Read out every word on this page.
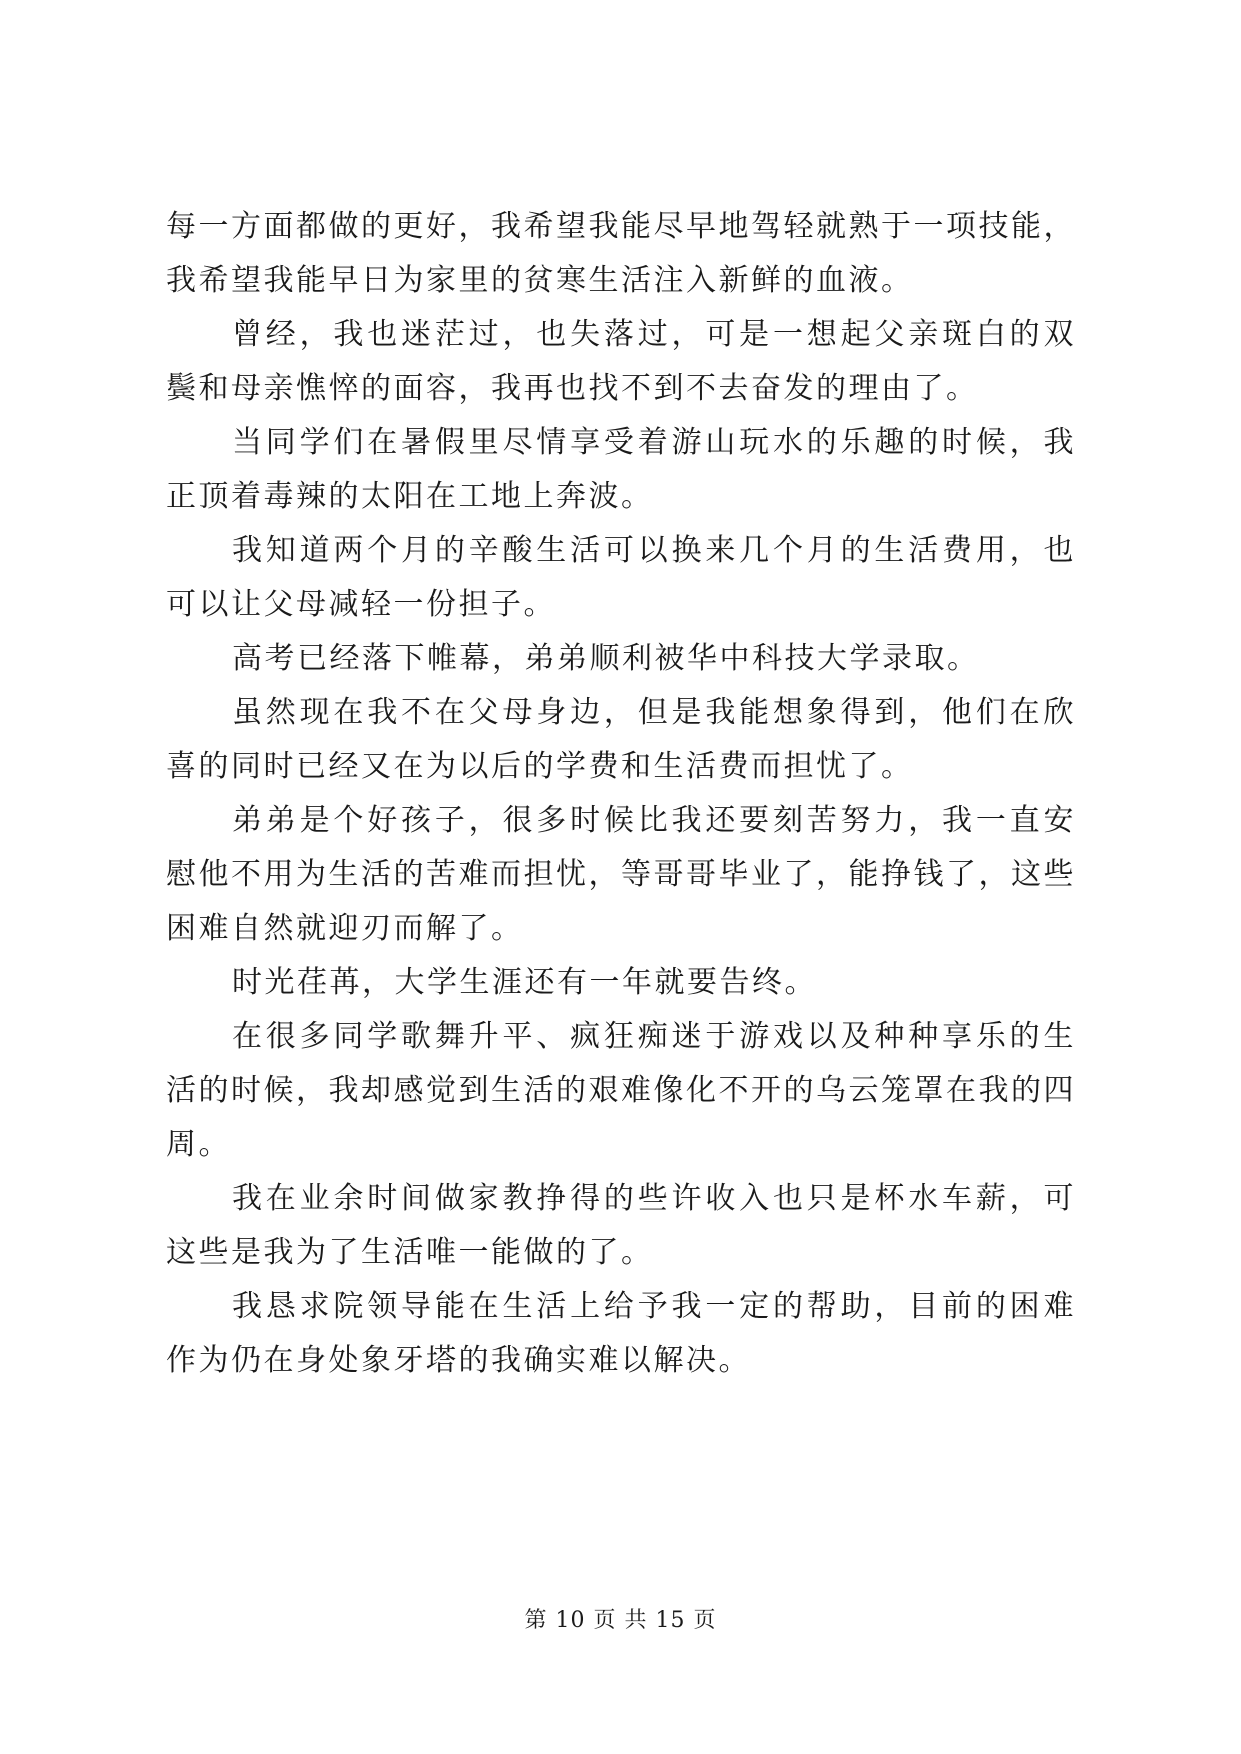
每一方面都做的更好，我希望我能尽早地驾轻就熟于一项技能，我希望我能早日为家里的贫寒生活注入新鲜的血液。

曾经，我也迷茫过，也失落过，可是一想起父亲斑白的双鬓和母亲憔悴的面容，我再也找不到不去奋发的理由了。

当同学们在暑假里尽情享受着游山玩水的乐趣的时候，我正顶着毒辣的太阳在工地上奔波。

我知道两个月的辛酸生活可以换来几个月的生活费用，也可以让父母减轻一份担子。

高考已经落下帷幕，弟弟顺利被华中科技大学录取。

虽然现在我不在父母身边，但是我能想象得到，他们在欣喜的同时已经又在为以后的学费和生活费而担忧了。

弟弟是个好孩子，很多时候比我还要刻苦努力，我一直安慰他不用为生活的苦难而担忧，等哥哥毕业了，能挣钱了，这些困难自然就迎刃而解了。

时光荏苒，大学生涯还有一年就要告终。

在很多同学歌舞升平、疯狂痴迷于游戏以及种种享乐的生活的时候，我却感觉到生活的艰难像化不开的乌云笼罩在我的四周。

我在业余时间做家教挣得的些许收入也只是杯水车薪，可这些是我为了生活唯一能做的了。

我恳求院领导能在生活上给予我一定的帮助，目前的困难作为仍在身处象牙塔的我确实难以解决。

第 10 页 共 15 页
